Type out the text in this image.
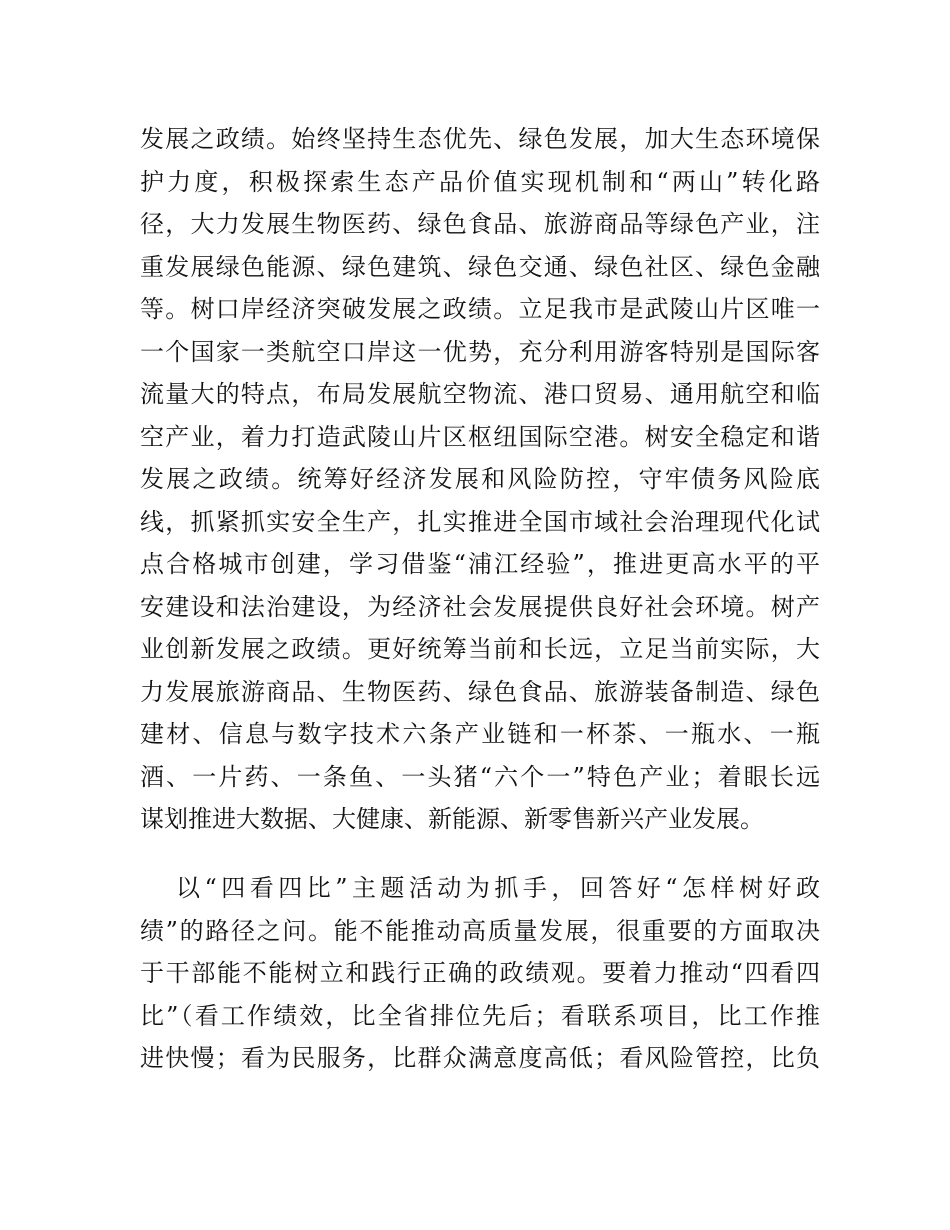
发展之政绩。始终坚持生态优先、绿色发展，加大生态环境保
护力度，积极探索生态产品价值实现机制和“两山”转化路
径，大力发展生物医药、绿色食品、旅游商品等绿色产业，注
重发展绿色能源、绿色建筑、绿色交通、绿色社区、绿色金融
等。树口岸经济突破发展之政绩。立足我市是武陵山片区唯一
一个国家一类航空口岸这一优势，充分利用游客特别是国际客
流量大的特点，布局发展航空物流、港口贸易、通用航空和临
空产业，着力打造武陵山片区枢纽国际空港。树安全稳定和谐
发展之政绩。统筹好经济发展和风险防控，守牢债务风险底
线，抓紧抓实安全生产，扎实推进全国市域社会治理现代化试
点合格城市创建，学习借鉴“浦江经验”，推进更高水平的平
安建设和法治建设，为经济社会发展提供良好社会环境。树产
业创新发展之政绩。更好统筹当前和长远，立足当前实际，大
力发展旅游商品、生物医药、绿色食品、旅游装备制造、绿色
建材、信息与数字技术六条产业链和一杯茶、一瓶水、一瓶
酒、一片药、一条鱼、一头猪“六个一”特色产业；着眼长远
谋划推进大数据、大健康、新能源、新零售新兴产业发展。
以“四看四比”主题活动为抓手，回答好“怎样树好政
绩”的路径之问。能不能推动高质量发展，很重要的方面取决
于干部能不能树立和践行正确的政绩观。要着力推动“四看四
比”（看工作绩效，比全省排位先后；看联系项目，比工作推
进快慢；看为民服务，比群众满意度高低；看风险管控，比负
